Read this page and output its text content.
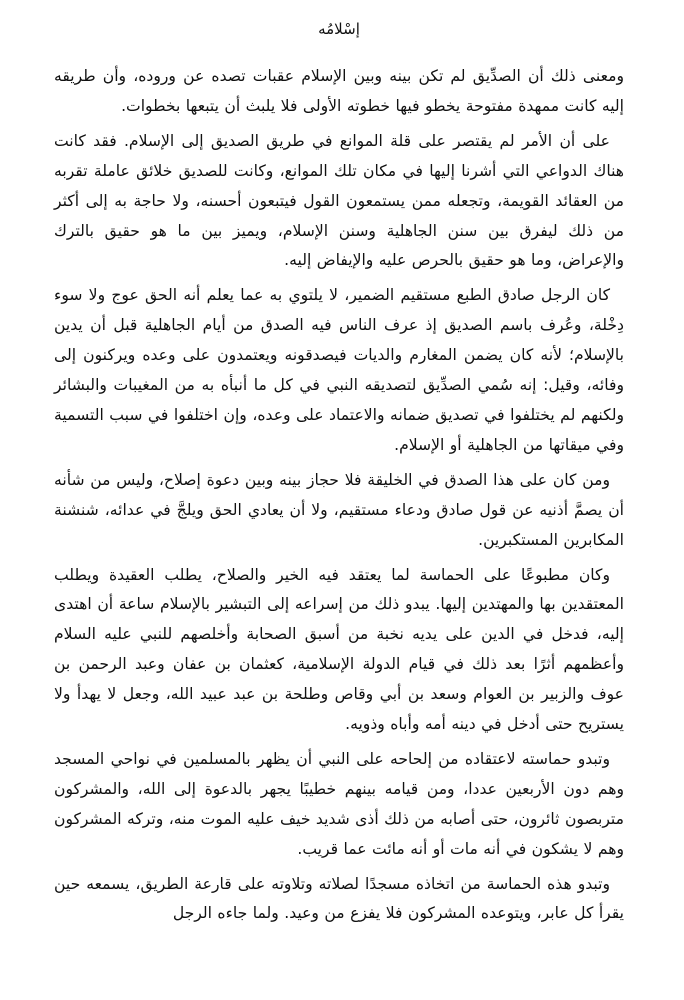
إسْلامُه

ومعنى ذلك أن الصدِّيق لم تكن بينه وبين الإسلام عقبات تصده عن وروده، وأن طريقه إليه كانت ممهدة مفتوحة يخطو فيها خطوته الأولى فلا يلبث أن يتبعها بخطوات.

على أن الأمر لم يقتصر على قلة الموانع في طريق الصديق إلى الإسلام. فقد كانت هناك الدواعي التي أشرنا إليها في مكان تلك الموانع، وكانت للصديق خلائق عاملة تقربه من العقائد القويمة، وتجعله ممن يستمعون القول فيتبعون أحسنه، ولا حاجة به إلى أكثر من ذلك ليفرق بين سنن الجاهلية وسنن الإسلام، ويميز بين ما هو حقيق بالترك والإعراض، وما هو حقيق بالحرص عليه والإيفاض إليه.

كان الرجل صادق الطبع مستقيم الضمير، لا يلتوي به عما يعلم أنه الحق عوج ولا سوء دِخْلة، وعُرف باسم الصديق إذ عرف الناس فيه الصدق من أيام الجاهلية قبل أن يدين بالإسلام؛ لأنه كان يضمن المغارم والديات فيصدقونه ويعتمدون على وعده ويركنون إلى وفائه، وقيل: إنه سُمي الصدِّيق لتصديقه النبي في كل ما أنبأه به من المغيبات والبشائر ولكنهم لم يختلفوا في تصديق ضمانه والاعتماد على وعده، وإن اختلفوا في سبب التسمية وفي ميقاتها من الجاهلية أو الإسلام.

ومن كان على هذا الصدق في الخليقة فلا حجاز بينه وبين دعوة إصلاح، وليس من شأنه أن يصمَّ أذنيه عن قول صادق ودعاء مستقيم، ولا أن يعادي الحق ويلجَّ في عدائه، شنشنة المكابرين المستكبرين.

وكان مطبوعًا على الحماسة لما يعتقد فيه الخير والصلاح، يطلب العقيدة ويطلب المعتقدين بها والمهتدين إليها. يبدو ذلك من إسراعه إلى التبشير بالإسلام ساعة أن اهتدى إليه، فدخل في الدين على يديه نخبة من أسبق الصحابة وأخلصهم للنبي عليه السلام وأعظمهم أثرًا بعد ذلك في قيام الدولة الإسلامية، كعثمان بن عفان وعبد الرحمن بن عوف والزبير بن العوام وسعد بن أبي وقاص وطلحة بن عبد عبيد الله، وجعل لا يهدأ ولا يستريح حتى أدخل في دينه أمه وأباه وذويه.

وتبدو حماسته لاعتقاده من إلحاحه على النبي أن يظهر بالمسلمين في نواحي المسجد وهم دون الأربعين عددا، ومن قيامه بينهم خطيبًا يجهر بالدعوة إلى الله، والمشركون متربصون ثائرون، حتى أصابه من ذلك أذى شديد خيف عليه الموت منه، وتركه المشركون وهم لا يشكون في أنه مات أو أنه مائت عما قريب.

وتبدو هذه الحماسة من اتخاذه مسجدًا لصلاته وتلاوته على قارعة الطريق، يسمعه حين يقرأ كل عابر، ويتوعده المشركون فلا يفزع من وعيد. ولما جاءه الرجل
